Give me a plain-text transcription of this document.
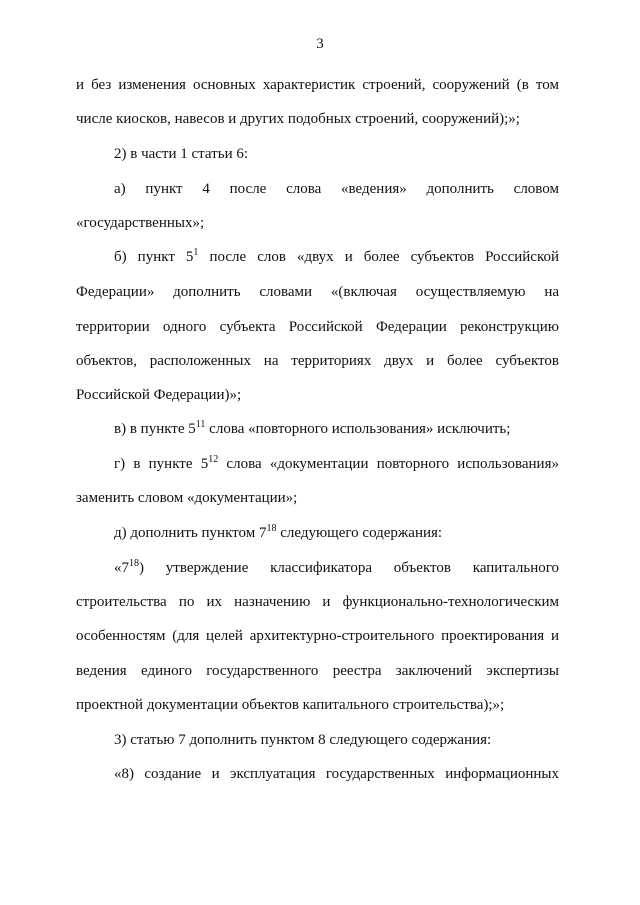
3
и без изменения основных характеристик строений, сооружений (в том
числе киосков, навесов и других подобных строений, сооружений);»;
2) в части 1 статьи 6:
а) пункт 4 после слова «ведения» дополнить словом
«государственных»;
б) пункт $5^1$ после слов «двух и более субъектов Российской
Федерации» дополнить словами «(включая осуществляемую на
территории одного субъекта Российской Федерации реконструкцию
объектов, расположенных на территориях двух и более субъектов
Российской Федерации)»;
в) в пункте $5^{11}$ слова «повторного использования» исключить;
г) в пункте $5^{12}$ слова «документации повторного использования»
заменить словом «документации»;
д) дополнить пунктом $7^{18}$ следующего содержания:
«$7^{18}$) утверждение классификатора объектов капитального
строительства по их назначению и функционально-технологическим
особенностям (для целей архитектурно-строительного проектирования и
ведения единого государственного реестра заключений экспертизы
проектной документации объектов капитального строительства);»;
3) статью 7 дополнить пунктом 8 следующего содержания:
«8) создание и эксплуатация государственных информационных
